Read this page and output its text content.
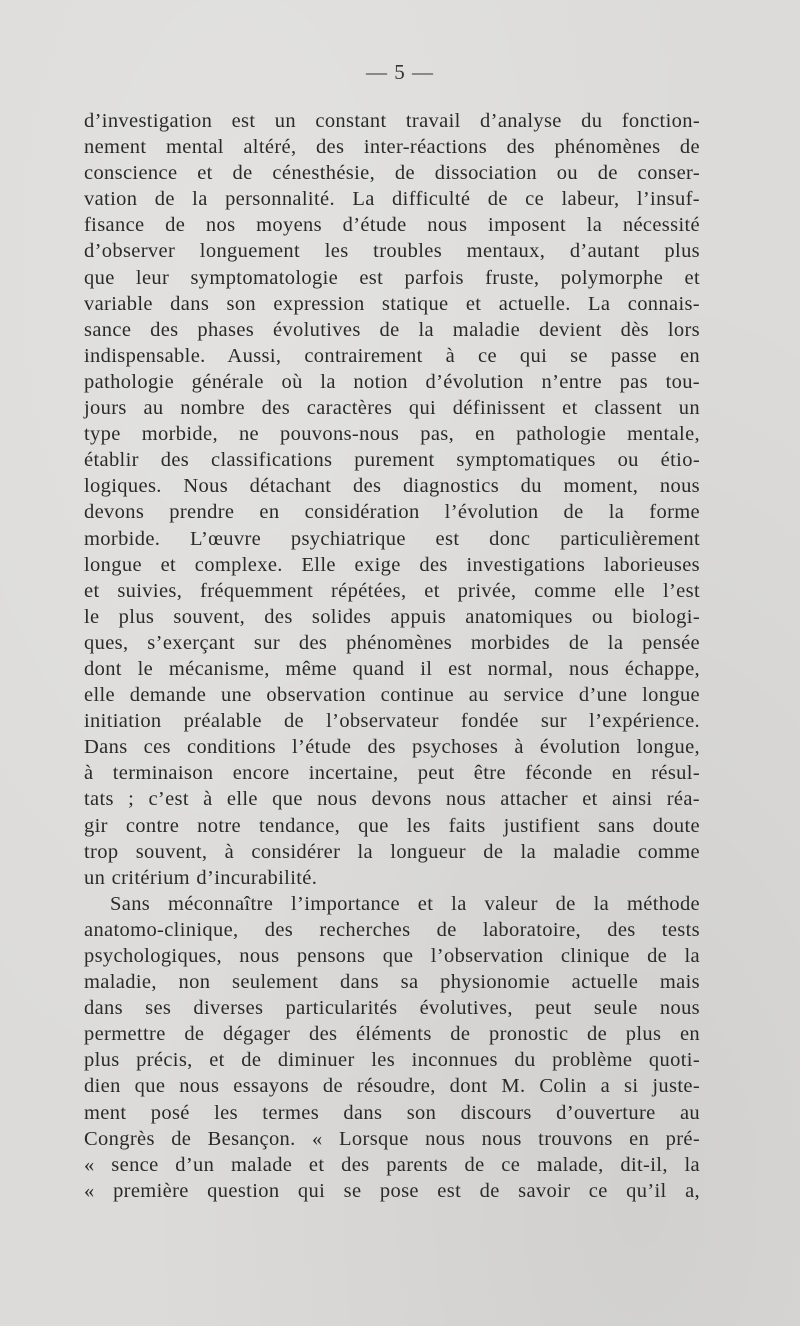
— 5 —
d’investigation est un constant travail d’analyse du fonction-
nement mental altéré, des inter-réactions des phénomènes de
conscience et de cénesthésie, de dissociation ou de conser-
vation de la personnalité. La difficulté de ce labeur, l’insuf-
fisance de nos moyens d’étude nous imposent la nécessité
d’observer longuement les troubles mentaux, d’autant plus
que leur symptomatologie est parfois fruste, polymorphe et
variable dans son expression statique et actuelle. La connais-
sance des phases évolutives de la maladie devient dès lors
indispensable. Aussi, contrairement à ce qui se passe en
pathologie générale où la notion d’évolution n’entre pas tou-
jours au nombre des caractères qui définissent et classent un
type morbide, ne pouvons-nous pas, en pathologie mentale,
établir des classifications purement symptomatiques ou étio-
logiques. Nous détachant des diagnostics du moment, nous
devons prendre en considération l’évolution de la forme
morbide. L’œuvre psychiatrique est donc particulièrement
longue et complexe. Elle exige des investigations laborieuses
et suivies, fréquemment répétées, et privée, comme elle l’est
le plus souvent, des solides appuis anatomiques ou biologi-
ques, s’exerçant sur des phénomènes morbides de la pensée
dont le mécanisme, même quand il est normal, nous échappe,
elle demande une observation continue au service d’une longue
initiation préalable de l’observateur fondée sur l’expérience.
Dans ces conditions l’étude des psychoses à évolution longue,
à terminaison encore incertaine, peut être féconde en résul-
tats ; c’est à elle que nous devons nous attacher et ainsi réa-
gir contre notre tendance, que les faits justifient sans doute
trop souvent, à considérer la longueur de la maladie comme
un critérium d’incurabilité.
Sans méconnaître l’importance et la valeur de la méthode
anatomo-clinique, des recherches de laboratoire, des tests
psychologiques, nous pensons que l’observation clinique de la
maladie, non seulement dans sa physionomie actuelle mais
dans ses diverses particularités évolutives, peut seule nous
permettre de dégager des éléments de pronostic de plus en
plus précis, et de diminuer les inconnues du problème quoti-
dien que nous essayons de résoudre, dont M. Colin a si juste-
ment posé les termes dans son discours d’ouverture au
Congrès de Besançon. « Lorsque nous nous trouvons en pré-
« sence d’un malade et des parents de ce malade, dit-il, la
« première question qui se pose est de savoir ce qu’il a,
